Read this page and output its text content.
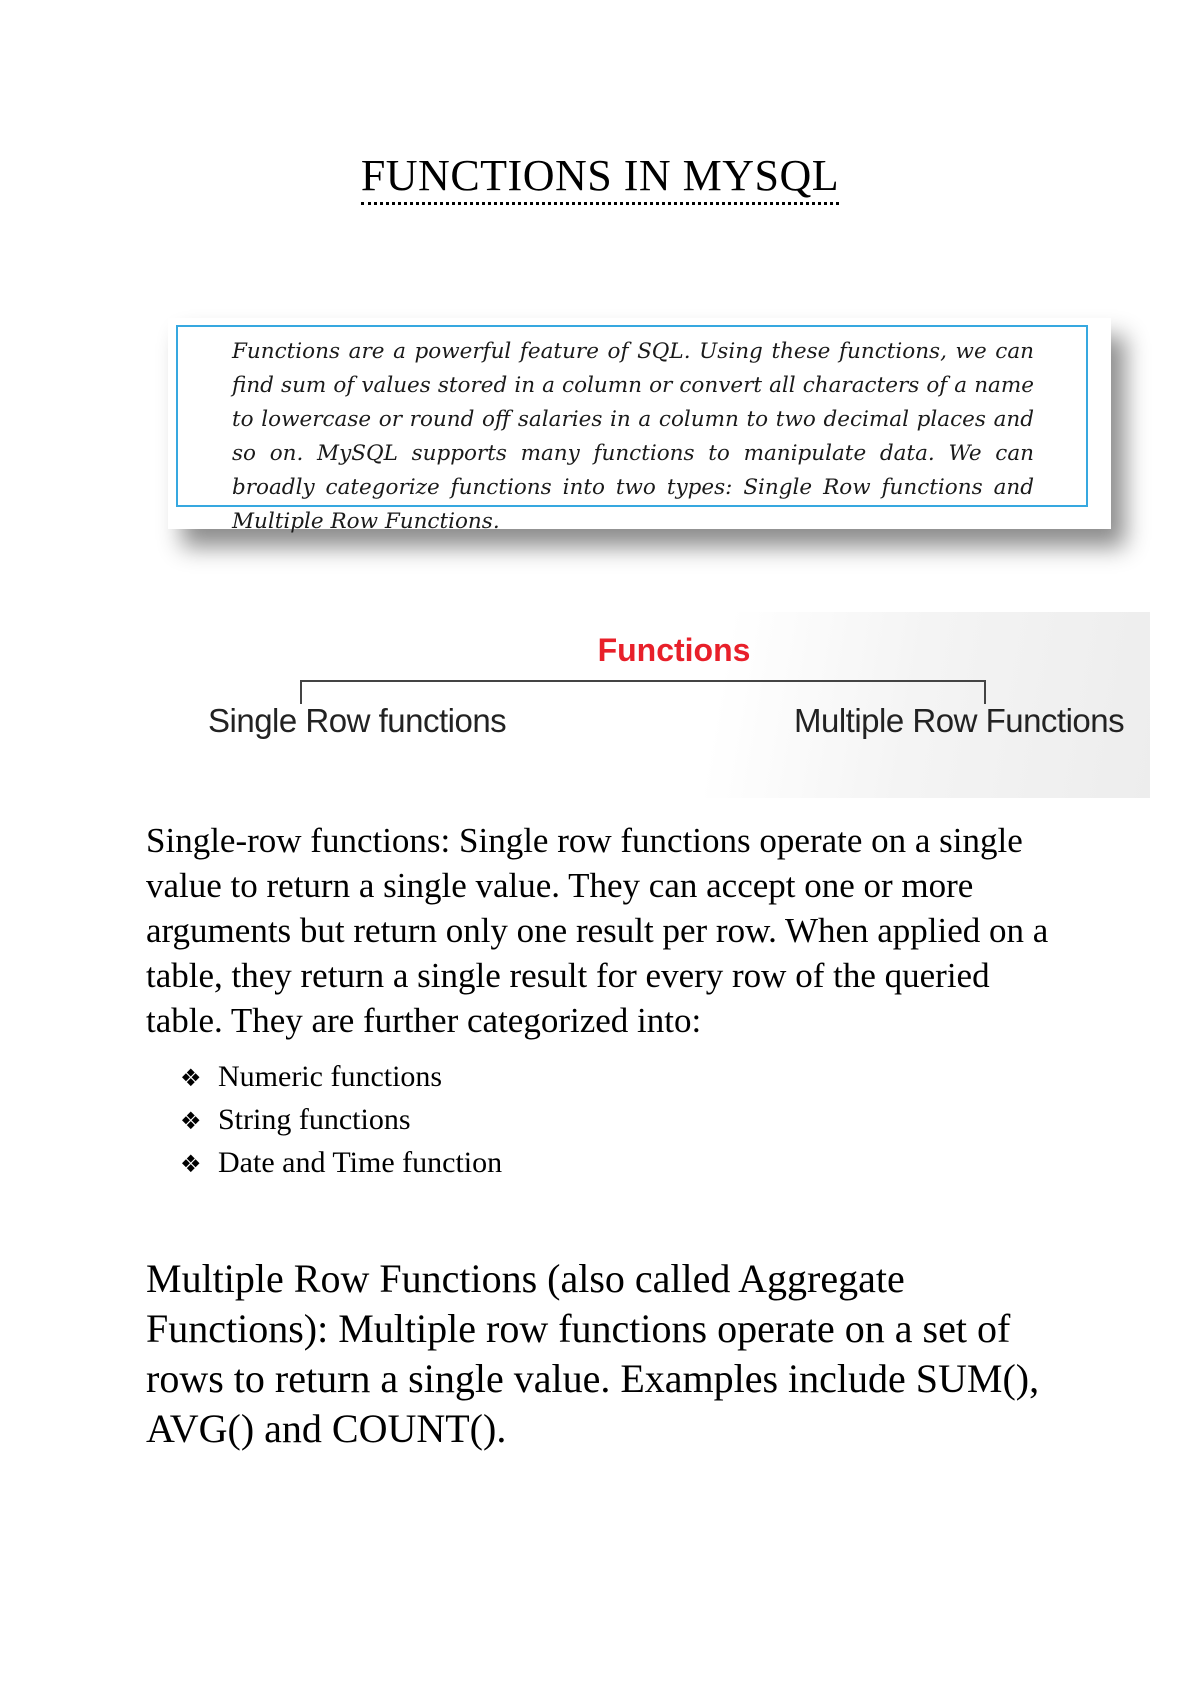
FUNCTIONS IN MYSQL
Functions are a powerful feature of SQL. Using these functions, we can find sum of values stored in a column or convert all characters of a name to lowercase or round off salaries in a column to two decimal places and so on. MySQL supports many functions to manipulate data. We can broadly categorize functions into two types: Single Row functions and Multiple Row Functions.
Functions
Single Row functions	Multiple Row Functions
Single-row functions: Single row functions operate on a single value to return a single value. They can accept one or more arguments but return only one result per row. When applied on a table, they return a single result for every row of the queried table. They are further categorized into:
❖ Numeric functions
❖ String functions
❖ Date and Time function
Multiple Row Functions (also called Aggregate Functions): Multiple row functions operate on a set of rows to return a single value. Examples include SUM(), AVG() and COUNT().
